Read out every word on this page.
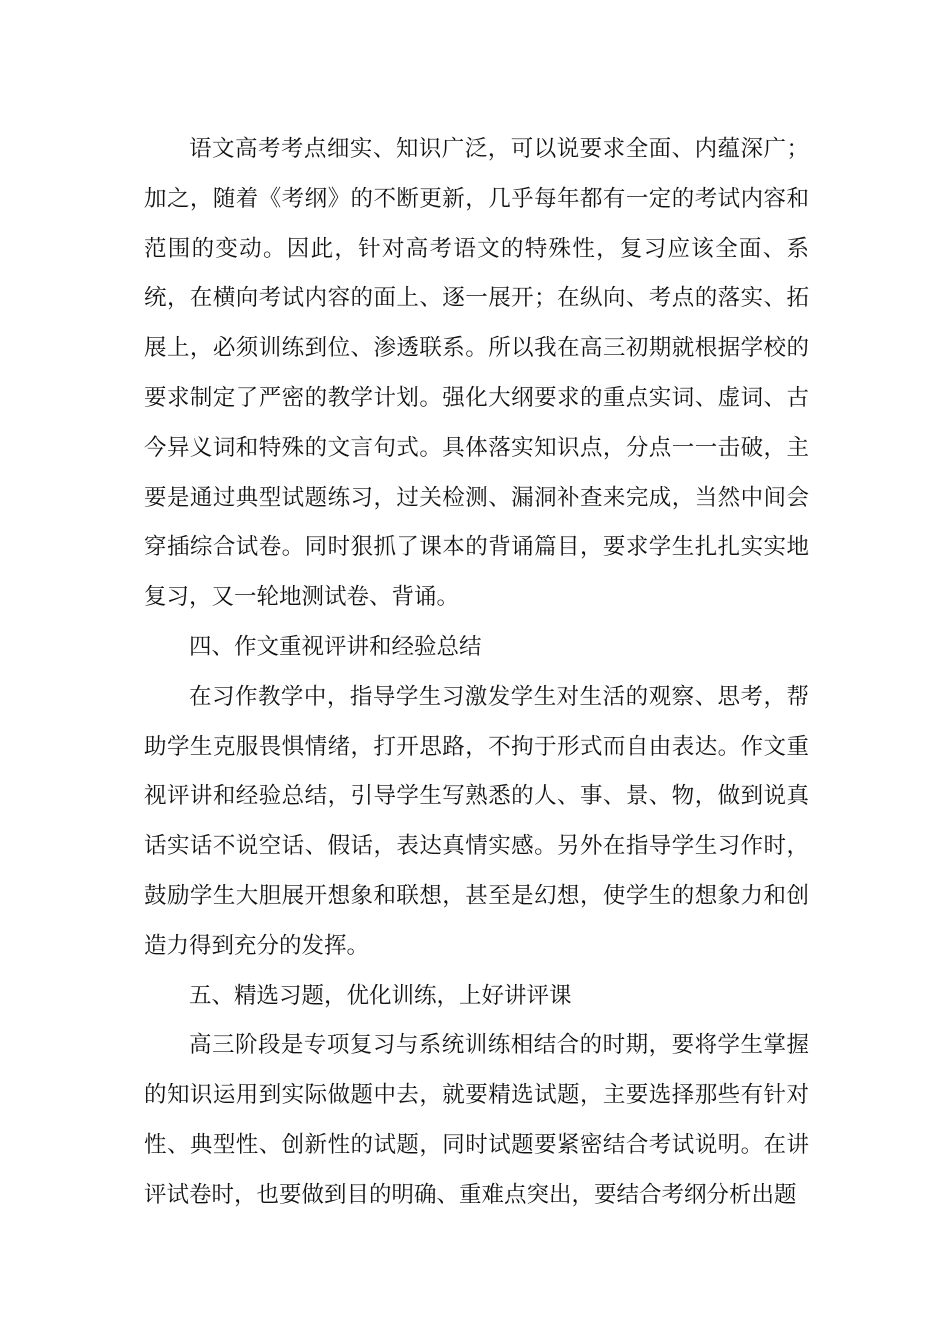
语文高考考点细实、知识广泛，可以说要求全面、内蕴深广；加之，随着《考纲》的不断更新，几乎每年都有一定的考试内容和范围的变动。因此，针对高考语文的特殊性，复习应该全面、系统，在横向考试内容的面上、逐一展开；在纵向、考点的落实、拓展上，必须训练到位、渗透联系。所以我在高三初期就根据学校的要求制定了严密的教学计划。强化大纲要求的重点实词、虚词、古今异义词和特殊的文言句式。具体落实知识点，分点一一击破，主要是通过典型试题练习，过关检测、漏洞补查来完成，当然中间会穿插综合试卷。同时狠抓了课本的背诵篇目，要求学生扎扎实实地复习，又一轮地测试卷、背诵。

四、作文重视评讲和经验总结

在习作教学中，指导学生习激发学生对生活的观察、思考，帮助学生克服畏惧情绪，打开思路，不拘于形式而自由表达。作文重视评讲和经验总结，引导学生写熟悉的人、事、景、物，做到说真话实话不说空话、假话，表达真情实感。另外在指导学生习作时，鼓励学生大胆展开想象和联想，甚至是幻想，使学生的想象力和创造力得到充分的发挥。

五、精选习题，优化训练，上好讲评课

高三阶段是专项复习与系统训练相结合的时期，要将学生掌握的知识运用到实际做题中去，就要精选试题，主要选择那些有针对性、典型性、创新性的试题，同时试题要紧密结合考试说明。在讲评试卷时，也要做到目的明确、重难点突出，要结合考纲分析出题
